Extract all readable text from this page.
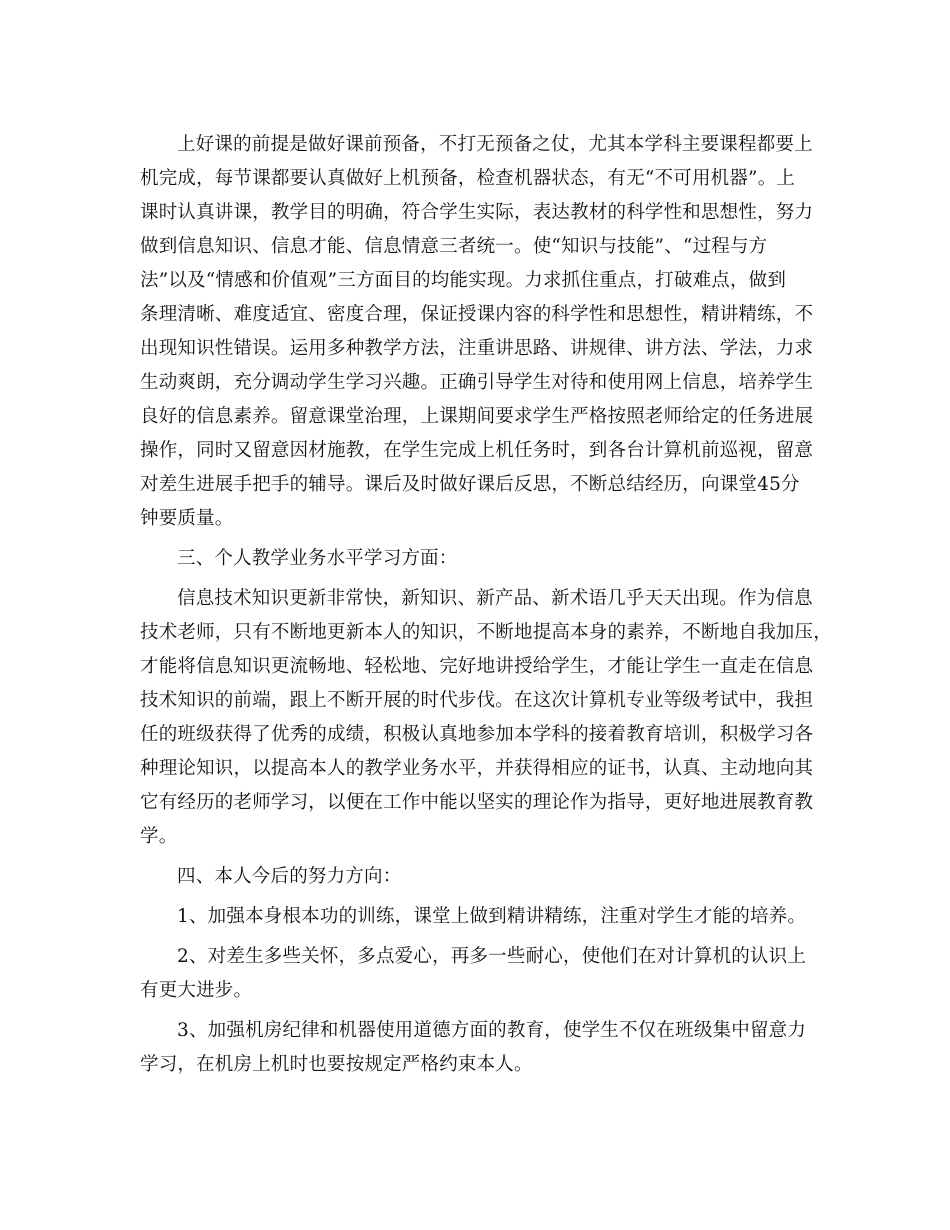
上好课的前提是做好课前预备，不打无预备之仗，尤其本学科主要课程都要上
机完成，每节课都要认真做好上机预备，检查机器状态，有无“不可用机器”。上
课时认真讲课，教学目的明确，符合学生实际，表达教材的科学性和思想性，努力
做到信息知识、信息才能、信息情意三者统一。使“知识与技能”、“过程与方
法”以及“情感和价值观”三方面目的均能实现。力求抓住重点，打破难点，做到
条理清晰、难度适宜、密度合理，保证授课内容的科学性和思想性，精讲精练，不
出现知识性错误。运用多种教学方法，注重讲思路、讲规律、讲方法、学法，力求
生动爽朗，充分调动学生学习兴趣。正确引导学生对待和使用网上信息，培养学生
良好的信息素养。留意课堂治理，上课期间要求学生严格按照老师给定的任务进展
操作，同时又留意因材施教，在学生完成上机任务时，到各台计算机前巡视，留意
对差生进展手把手的辅导。课后及时做好课后反思，不断总结经历，向课堂45分
钟要质量。
三、个人教学业务水平学习方面：
信息技术知识更新非常快，新知识、新产品、新术语几乎天天出现。作为信息
技术老师，只有不断地更新本人的知识，不断地提高本身的素养，不断地自我加压，
才能将信息知识更流畅地、轻松地、完好地讲授给学生，才能让学生一直走在信息
技术知识的前端，跟上不断开展的时代步伐。在这次计算机专业等级考试中，我担
任的班级获得了优秀的成绩，积极认真地参加本学科的接着教育培训，积极学习各
种理论知识，以提高本人的教学业务水平，并获得相应的证书，认真、主动地向其
它有经历的老师学习，以便在工作中能以坚实的理论作为指导，更好地进展教育教
学。
四、本人今后的努力方向：
1、加强本身根本功的训练，课堂上做到精讲精练，注重对学生才能的培养。
2、对差生多些关怀，多点爱心，再多一些耐心，使他们在对计算机的认识上
有更大进步。
3、加强机房纪律和机器使用道德方面的教育，使学生不仅在班级集中留意力
学习，在机房上机时也要按规定严格约束本人。
